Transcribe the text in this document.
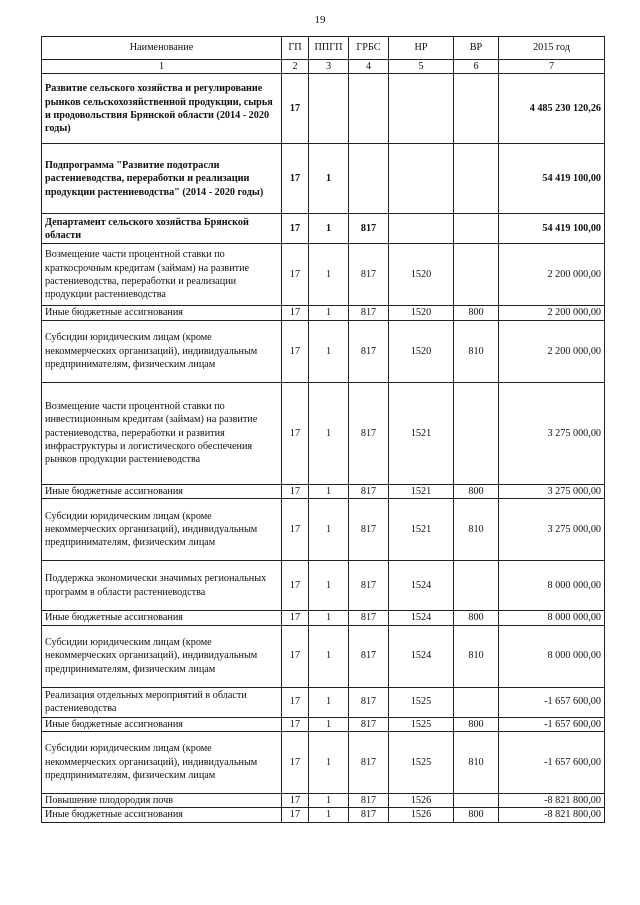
19
Наименование	ГП	ППГП	ГРБС	НР	ВР	2015 год
1	2	3	4	5	6	7
Развитие сельского хозяйства и регулирование рынков сельскохозяйственной продукции, сырья и продовольствия Брянской области (2014 - 2020 годы)	17					4 485 230 120,26
Подпрограмма "Развитие подотрасли растениеводства, переработки и реализации продукции растениеводства" (2014 - 2020 годы)	17	1				54 419 100,00
Департамент сельского хозяйства Брянской области	17	1	817			54 419 100,00
Возмещение части процентной ставки по краткосрочным кредитам (займам) на развитие растениеводства, переработки и реализации продукции растениеводства	17	1	817	1520		2 200 000,00
Иные бюджетные ассигнования	17	1	817	1520	800	2 200 000,00
Субсидии юридическим лицам (кроме некоммерческих организаций), индивидуальным предпринимателям, физическим лицам	17	1	817	1520	810	2 200 000,00
Возмещение части процентной ставки по инвестиционным кредитам (займам) на развитие растениеводства, переработки и развития инфраструктуры и логистического обеспечения рынков продукции растениеводства	17	1	817	1521		3 275 000,00
Иные бюджетные ассигнования	17	1	817	1521	800	3 275 000,00
Субсидии юридическим лицам (кроме некоммерческих организаций), индивидуальным предпринимателям, физическим лицам	17	1	817	1521	810	3 275 000,00
Поддержка экономически значимых региональных программ в области растениеводства	17	1	817	1524		8 000 000,00
Иные бюджетные ассигнования	17	1	817	1524	800	8 000 000,00
Субсидии юридическим лицам (кроме некоммерческих организаций), индивидуальным предпринимателям, физическим лицам	17	1	817	1524	810	8 000 000,00
Реализация отдельных мероприятий в области растениеводства	17	1	817	1525		-1 657 600,00
Иные бюджетные ассигнования	17	1	817	1525	800	-1 657 600,00
Субсидии юридическим лицам (кроме некоммерческих организаций), индивидуальным предпринимателям, физическим лицам	17	1	817	1525	810	-1 657 600,00
Повышение плодородия почв	17	1	817	1526		-8 821 800,00
Иные бюджетные ассигнования	17	1	817	1526	800	-8 821 800,00
